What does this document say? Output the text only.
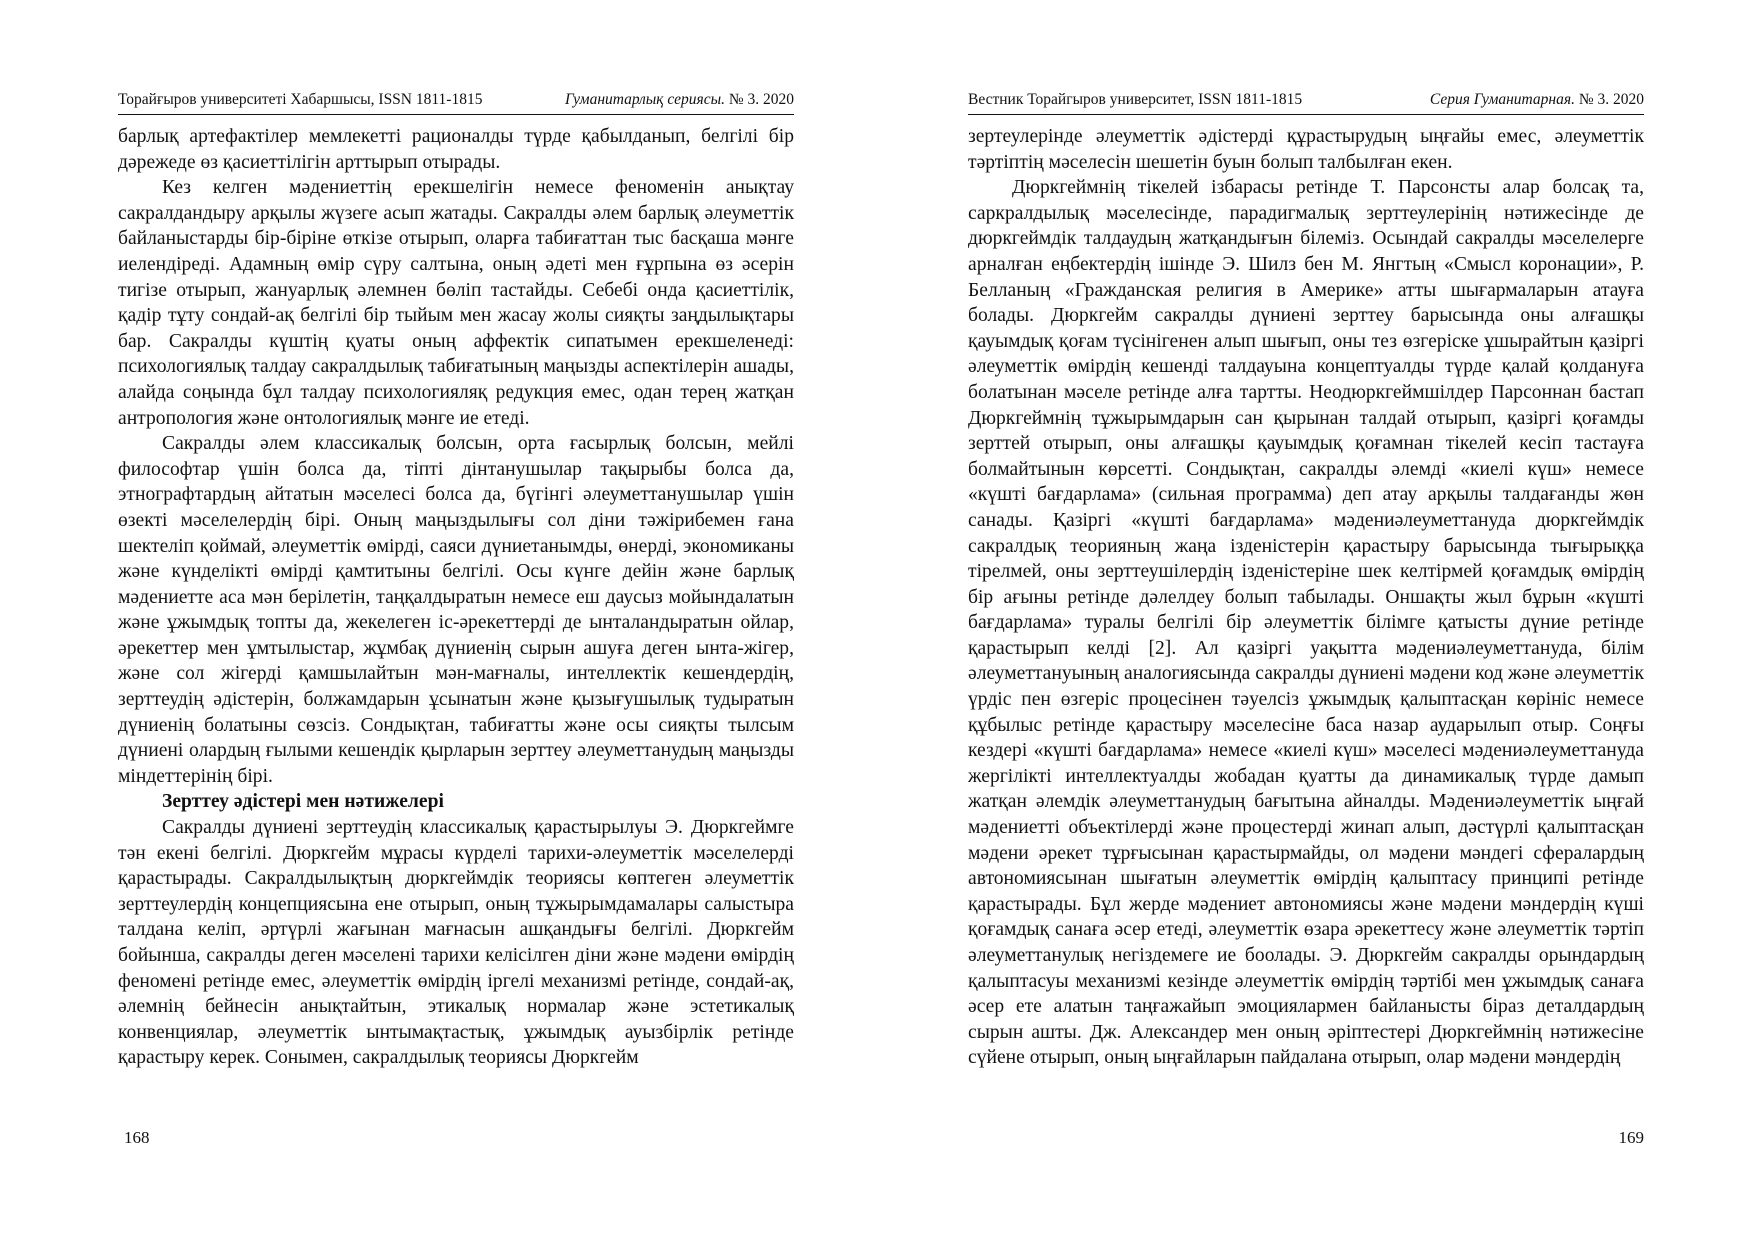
Торайғыров университеті Хабаршысы, ISSN 1811-1815	Гуманитарлық сериясы. № 3. 2020

барлық артефактілер мемлекетті рационалды түрде қабылданып, белгілі бір дәрежеде өз қасиеттілігін арттырып отырады.

Кез келген мәдениеттің ерекшелігін немесе феноменін анықтау сакралдандыру арқылы жүзеге асып жатады. Сакралды әлем барлық әлеуметтік байланыстарды бір-біріне өткізе отырып, оларға табиғаттан тыс басқаша мәнге иелендіреді. Адамның өмір сүру салтына, оның әдеті мен ғұрпына өз әсерін тигізе отырып, жануарлық әлемнен бөліп тастайды. Себебі онда қасиеттілік, қадір тұту сондай-ақ белгілі бір тыйым мен жасау жолы сияқты заңдылықтары бар. Сакралды күштің қуаты оның аффектік сипатымен ерекшеленеді: психологиялық талдау сакралдылық табиғатының маңызды аспектілерін ашады, алайда соңында бұл талдау психологияляқ редукция емес, одан терең жатқан антропология және онтологиялық мәнге ие етеді.

Сакралды әлем классикалық болсын, орта ғасырлық болсын, мейлі философтар үшін болса да, тіпті дінтанушылар тақырыбы болса да, этнографтардың айтатын мәселесі болса да, бүгінгі әлеуметтанушылар үшін өзекті мәселелердің бірі. Оның маңыздылығы сол діни тәжірибемен ғана шектеліп қоймай, әлеуметтік өмірді, саяси дүниетанымды, өнерді, экономиканы және күнделікті өмірді қамтитыны белгілі. Осы күнге дейін және барлық мәдениетте аса мән берілетін, таңқалдыратын немесе еш даусыз мойындалатын және ұжымдық топты да, жекелеген іс-әрекеттерді де ынталандыратын ойлар, әрекеттер мен ұмтылыстар, жұмбақ дүниенің сырын ашуға деген ынта-жігер, және сол жігерді қамшылайтын мән-мағналы, интеллектік кешендердің, зерттеудің әдістерін, болжамдарын ұсынатын және қызығушылық тудыратын дүниенің болатыны сөзсіз. Сондықтан, табиғатты және осы сияқты тылсым дүниені олардың ғылыми кешендік қырларын зерттеу әлеуметтанудың маңызды міндеттерінің бірі.

Зерттеу әдістері мен нәтижелері

Сакралды дүниені зерттеудің классикалық қарастырылуы Э. Дюркгеймге тән екені белгілі. Дюркгейм мұрасы күрделі тарихи-әлеуметтік мәселелерді қарастырады. Сакралдылықтың дюркгеймдік теориясы көптеген әлеуметтік зерттеулердің концепциясына ене отырып, оның тұжырымдамалары салыстыра талдана келіп, әртүрлі жағынан мағнасын ашқандығы белгілі. Дюркгейм бойынша, сакралды деген мәселені тарихи келісілген діни және мәдени өмірдің феномені ретінде емес, әлеуметтік өмірдің іргелі механизмі ретінде, сондай-ақ, әлемнің бейнесін анықтайтын, этикалық нормалар және эстетикалық конвенциялар, әлеуметтік ынтымақтастық, ұжымдық ауызбірлік ретінде қарастыру керек. Сонымен, сакралдылық теориясы Дюркгейм

168
Вестник Торайгыров университет, ISSN 1811-1815	Серия Гуманитарная. № 3. 2020

зертеулерінде әлеуметтік әдістерді құрастырудың ыңғайы емес, әлеуметтік тәртіптің мәселесін шешетін буын болып талбылған екен.

Дюркгеймнің тікелей ізбарасы ретінде Т. Парсонсты алар болсақ та, саркралдылық мәселесінде, парадигмалық зерттеулерінің нәтижесінде де дюркгеймдік талдаудың жатқандығын білеміз. Осындай сакралды мәселелерге арналған еңбектердің ішінде Э. Шилз бен М. Янгтың «Смысл коронации», Р. Белланың «Гражданская религия в Америке» атты шығармаларын атауға болады. Дюркгейм сакралды дүниені зерттеу барысында оны алғашқы қауымдық қоғам түсінігенен алып шығып, оны тез өзгеріске ұшырайтын қазіргі әлеуметтік өмірдің кешенді талдауына концептуалды түрде қалай қолдануға болатынан мәселе ретінде алға тартты. Неодюркгеймшілдер Парсоннан бастап Дюркгеймнің тұжырымдарын сан қырынан талдай отырып, қазіргі қоғамды зерттей отырып, оны алғашқы қауымдық қоғамнан тікелей кесіп тастауға болмайтынын көрсетті. Сондықтан, сакралды әлемді «киелі күш» немесе «күшті бағдарлама» (сильная программа) деп атау арқылы талдағанды жөн санады. Қазіргі «күшті бағдарлама» мәдениәлеуметтануда дюркгеймдік сакралдық теорияның жаңа ізденістерін қарастыру барысында тығырыққа тірелмей, оны зерттеушілердің ізденістеріне шек келтірмей қоғамдық өмірдің бір ағыны ретінде дәлелдеу болып табылады. Оншақты жыл бұрын «күшті бағдарлама» туралы белгілі бір әлеуметтік білімге қатысты дүние ретінде қарастырып келді [2]. Ал қазіргі уақытта мәдениәлеуметтануда, білім әлеуметтануының аналогиясында сакралды дүниені мәдени код және әлеуметтік үрдіс пен өзгеріс процесінен тәуелсіз ұжымдық қалыптасқан көрініс немесе құбылыс ретінде қарастыру мәселесіне баса назар аударылып отыр. Соңғы кездері «күшті бағдарлама» немесе «киелі күш» мәселесі мәдениәлеуметтануда жергілікті интеллектуалды жобадан қуатты да динамикалық түрде дамып жатқан әлемдік әлеуметтанудың бағытына айналды. Мәдениәлеуметтік ыңғай мәдениетті объектілерді және процестерді жинап алып, дәстүрлі қалыптасқан мәдени әрекет тұрғысынан қарастырмайды, ол мәдени мәндегі сфералардың автономиясынан шығатын әлеуметтік өмірдің қалыптасу принципі ретінде қарастырады. Бұл жерде мәдениет автономиясы және мәдени мәндердің күші қоғамдық санаға әсер етеді, әлеуметтік өзара әрекеттесу және әлеуметтік тәртіп әлеуметтанулық негіздемеге ие боолады. Э. Дюркгейм сакралды орындардың қалыптасуы механизмі кезінде әлеуметтік өмірдің тәртібі мен ұжымдық санаға әсер ете алатын таңғажайып эмоциялармен байланысты біраз деталдардың сырын ашты. Дж. Александер мен оның әріптестері Дюркгеймнің нәтижесіне сүйене отырып, оның ыңғайларын пайдалана отырып, олар мәдени мәндердің

169
